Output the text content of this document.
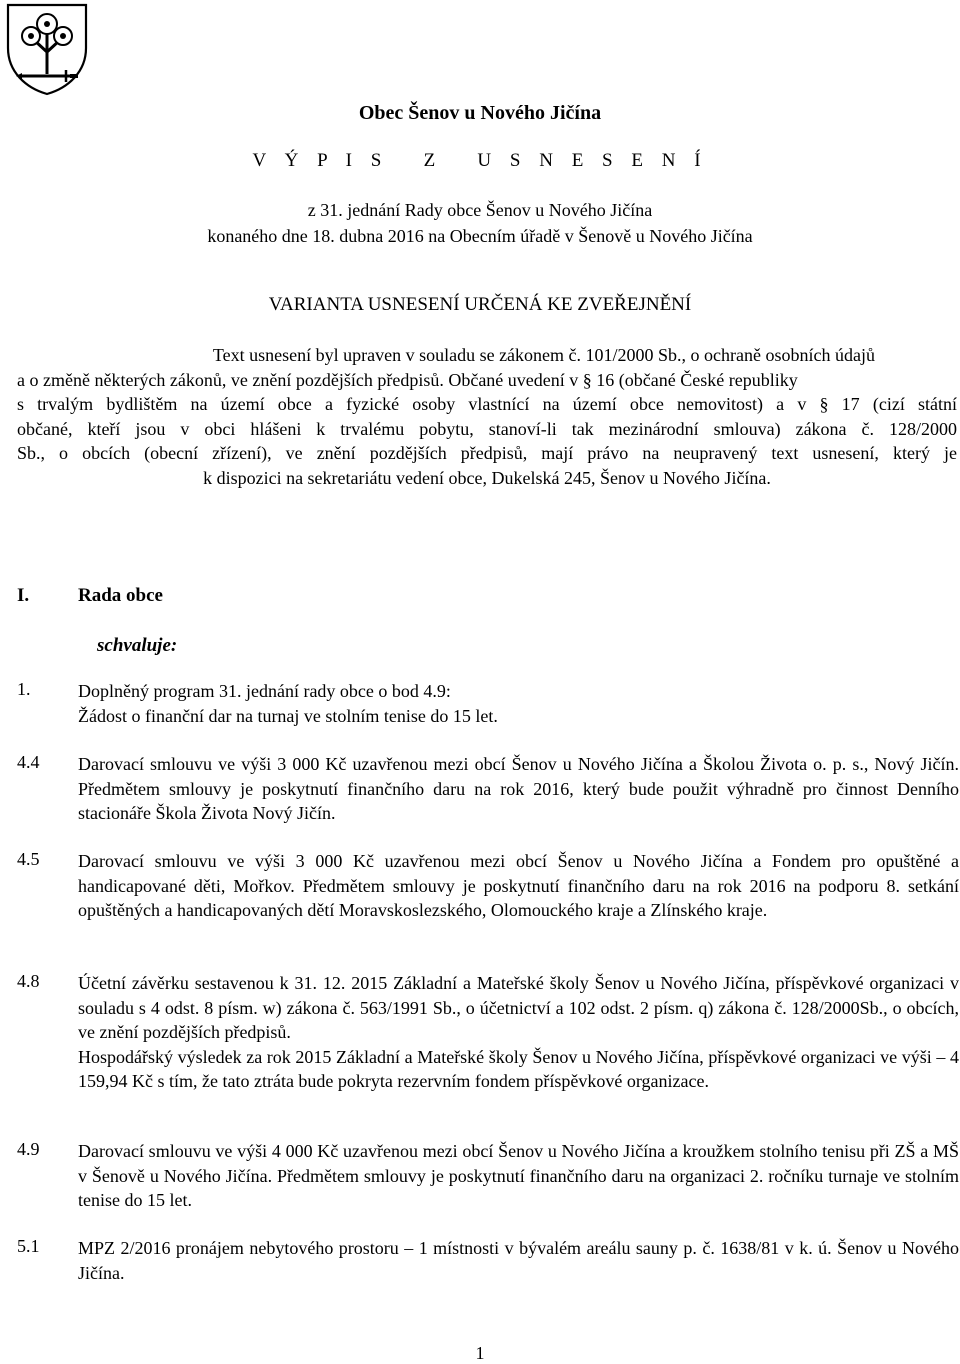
Obec Šenov u Nového Jičína
V Ý P I S   Z   U S N E S E N Í
z 31. jednání Rady obce Šenov u Nového Jičína
konaného dne 18. dubna 2016 na Obecním úřadě v Šenově u Nového Jičína
VARIANTA USNESENÍ URČENÁ KE ZVEŘEJNĚNÍ

Text usnesení byl upraven v souladu se zákonem č. 101/2000 Sb., o ochraně osobních údajů

a o změně některých zákonů, ve znění pozdějších předpisů. Občané uvedení v § 16 (občané České republiky

s trvalým bydlištěm na území obce a fyzické osoby vlastnící na území obce nemovitost) a v § 17 (cizí státní

občané, kteří jsou v obci hlášeni k trvalému pobytu, stanoví-li tak mezinárodní smlouva) zákona č. 128/2000

Sb., o obcích (obecní zřízení), ve znění pozdějších předpisů, mají právo na neupravený text usnesení, který je

k dispozici na sekretariátu vedení obce, Dukelská 245, Šenov u Nového Jičína.

I.	Rada obce
schvaluje:
1.	Doplněný program 31. jednání rady obce o bod 4.9:
Žádost o finanční dar na turnaj ve stolním tenise do 15 let.
4.4 Darovací smlouvu ve výši 3 000 Kč uzavřenou mezi obcí Šenov u Nového Jičína a Školou Života o. p. s., Nový Jičín. Předmětem smlouvy je poskytnutí finančního daru na rok 2016, který bude použit výhradně pro činnost Denního stacionáře Škola Života Nový Jičín.
4.5 Darovací smlouvu ve výši 3 000 Kč uzavřenou mezi obcí Šenov u Nového Jičína a Fondem pro opuštěné a handicapované děti, Mořkov. Předmětem smlouvy je poskytnutí finančního daru na rok 2016 na podporu 8. setkání opuštěných a handicapovaných dětí Moravskoslezského, Olomouckého kraje a Zlínského kraje.
4.8 Účetní závěrku sestavenou k 31. 12. 2015 Základní a Mateřské školy Šenov u Nového Jičína, příspěvkové organizaci v souladu s 4 odst. 8 písm. w) zákona č. 563/1991 Sb., o účetnictví a 102 odst. 2 písm. q) zákona č. 128/2000Sb., o obcích, ve znění pozdějších předpisů.
Hospodářský výsledek za rok 2015 Základní a Mateřské školy Šenov u Nového Jičína, příspěvkové organizaci ve výši – 4 159,94 Kč s tím, že tato ztráta bude pokryta rezervním fondem příspěvkové organizace.
4.9 Darovací smlouvu ve výši 4 000 Kč uzavřenou mezi obcí Šenov u Nového Jičína a kroužkem stolního tenisu při ZŠ a MŠ v Šenově u Nového Jičína. Předmětem smlouvy je poskytnutí finančního daru na organizaci 2. ročníku turnaje ve stolním tenise do 15 let.
5.1 MPZ 2/2016 pronájem nebytového prostoru – 1 místnosti v bývalém areálu sauny p. č. 1638/81 v k. ú. Šenov u Nového Jičína.
1
